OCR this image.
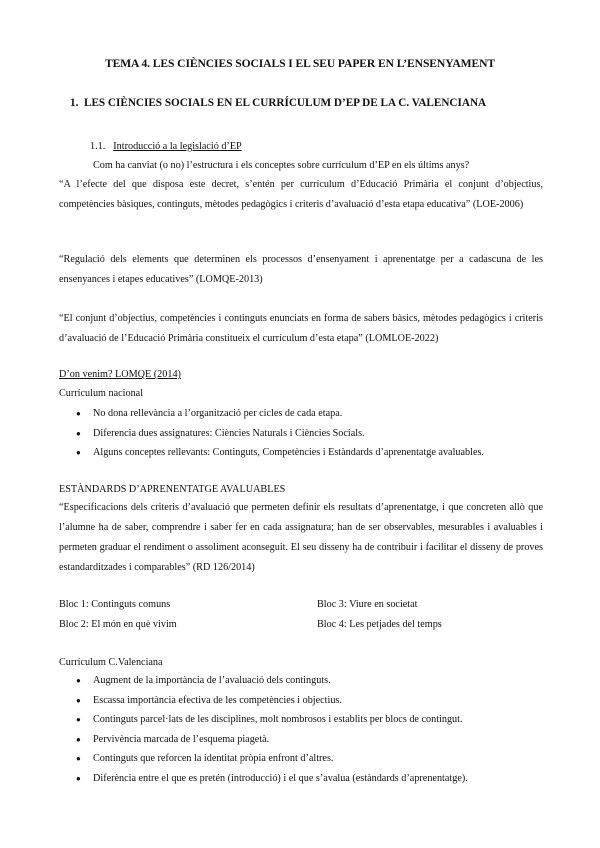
TEMA 4. LES CIÈNCIES SOCIALS I EL SEU PAPER EN L’ENSENYAMENT
1. LES CIÈNCIES SOCIALS EN EL CURRÍCULUM D’EP DE LA C. VALENCIANA
1.1. Introducció a la legislació d’EP
Com ha canviat (o no) l’estructura i els conceptes sobre currículum d’EP en els últims anys?
“A l’efecte del que disposa este decret, s’entén per currículum d’Educació Primària el conjunt d’objectius, competències bàsiques, continguts, mètodes pedagògics i criteris d’avaluació d’esta etapa educativa” (LOE-2006)
“Regulació dels elements que determinen els processos d’ensenyament i aprenentatge per a cadascuna de les ensenyances i etapes educatives” (LOMQE-2013)
“El conjunt d’objectius, competències i continguts enunciats en forma de sabers bàsics, mètodes pedagògics i criteris d’avaluació de l’Educació Primària constitueix el currículum d’esta etapa” (LOMLOE-2022)
D’on venim? LOMQE (2014)
Currículum nacional
● No dona rellevància a l’organització per cicles de cada etapa.
● Diferencia dues assignatures: Ciències Naturals i Ciències Socials.
● Alguns conceptes rellevants: Continguts, Competències i Estàndards d’aprenentatge avaluables.
ESTÀNDARDS D’APRENENTATGE AVALUABLES
“Especificacions dels criteris d’avaluació que permeten definir els resultats d’aprenentatge, i que concreten allò que l’alumne ha de saber, comprendre i saber fer en cada assignatura; han de ser observables, mesurables i avaluables i permeten graduar el rendiment o assoliment aconseguit. El seu disseny ha de contribuir i facilitar el disseny de proves estandarditzades i comparables” (RD 126/2014)
Bloc 1: Continguts comuns	Bloc 3: Viure en societat
Bloc 2: El món en què vivim	Bloc 4: Les petjades del temps
Currículum C.Valenciana
● Augment de la importància de l’avaluació dels continguts.
● Escassa importància efectiva de les competències i objectius.
● Continguts parcel·lats de les disciplines, molt nombrosos i establits per blocs de contingut.
● Pervivència marcada de l’esquema piagetà.
● Continguts que reforcen la identitat pròpia enfront d’altres.
● Diferència entre el que es pretén (introducció) i el que s’avalua (estàndards d’aprenentatge).
